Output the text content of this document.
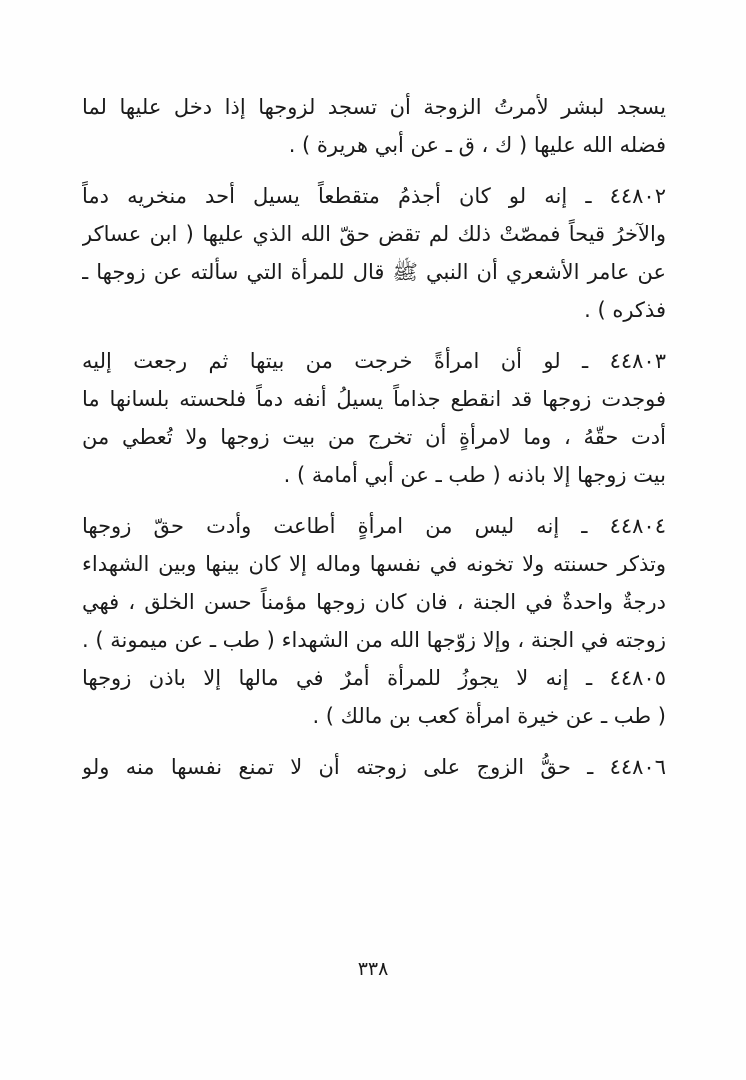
يسجد لبشر لأمرتُ الزوجة أن تسجد لزوجها إذا دخل عليها لما
فضله الله عليها ( ك ، ق ـ عن أبي هريرة ) .
٤٤٨٠٢ ـ إنه لو كان أجذمُ متقطعاً يسيل أحد منخريه دماً
والآخرُ قيحاً فمصّتْ ذلك لم تقض حقّ الله الذي عليها ( ابن عساكر
عن عامر الأشعري أن النبي ﷺ قال للمرأة التي سألته عن زوجها ـ
فذكره ) .
٤٤٨٠٣ ـ لو أن امرأةً خرجت من بيتها ثم رجعت إليه
فوجدت زوجها قد انقطع جذاماً يسيلُ أنفه دماً فلحسته بلسانها ما
أدت حقّهُ ، وما لامرأةٍ أن تخرج من بيت زوجها ولا تُعطي من
بيت زوجها إلا باذنه ( طب ـ عن أبي أمامة ) .
٤٤٨٠٤ ـ إنه ليس من امرأةٍ أطاعت وأدت حقّ زوجها
وتذكر حسنته ولا تخونه في نفسها وماله إلا كان بينها وبين الشهداء
درجةٌ واحدةٌ في الجنة ، فان كان زوجها مؤمناً حسن الخلق ، فهي
زوجته في الجنة ، وإلا زوّجها الله من الشهداء ( طب ـ عن ميمونة ) .
٤٤٨٠٥ ـ إنه لا يجوزُ للمرأة أمرٌ في مالها إلا باذن زوجها
( طب ـ عن خيرة امرأة كعب بن مالك ) .
٤٤٨٠٦ ـ حقُّ الزوج على زوجته أن لا تمنع نفسها منه ولو
٣٣٨
